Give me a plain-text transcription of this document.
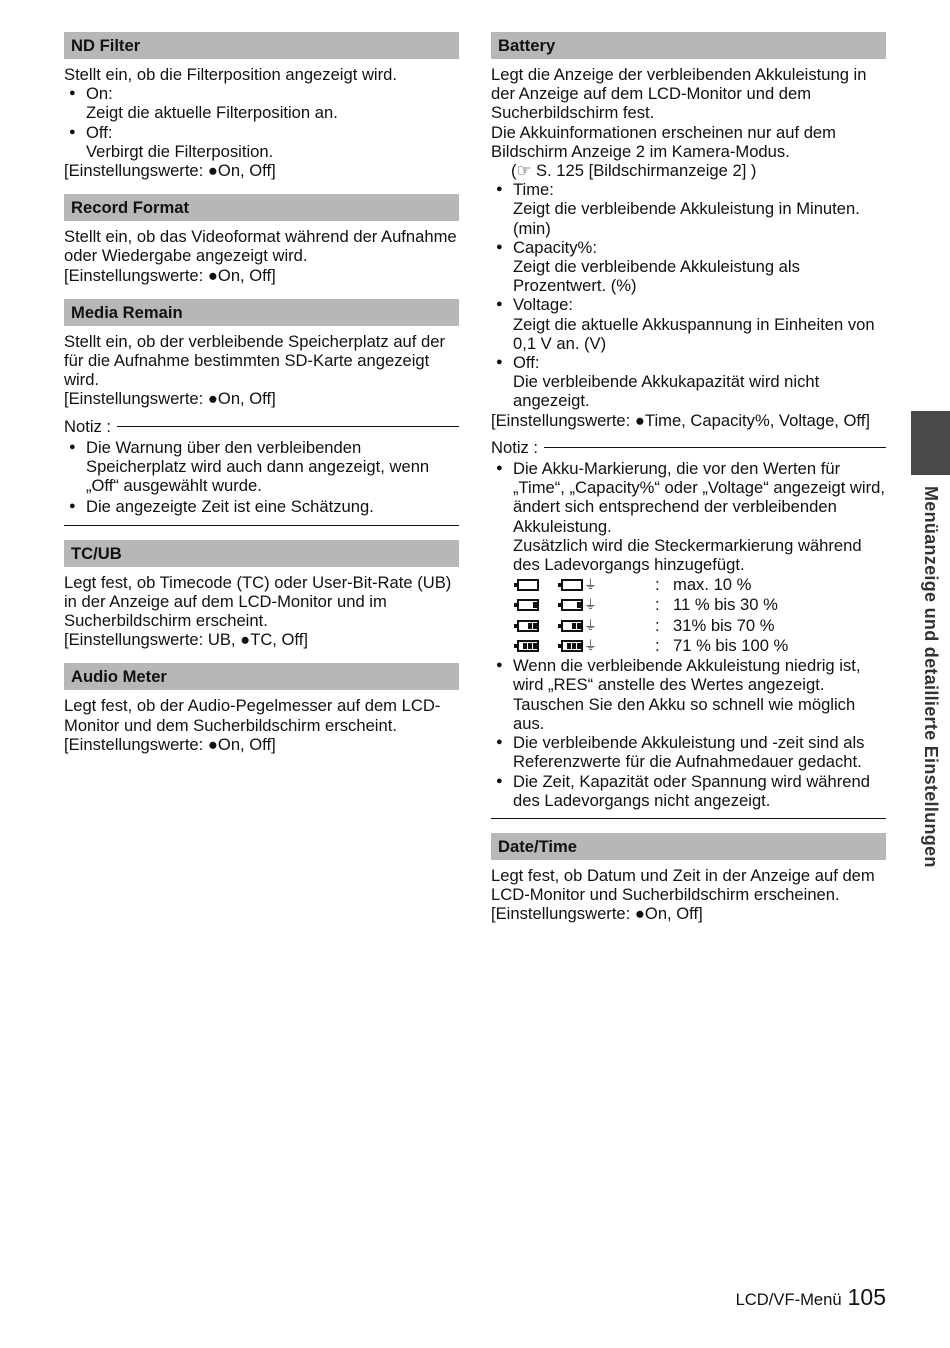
ND Filter

Stellt ein, ob die Filterposition angezeigt wird.

● On:
Zeigt die aktuelle Filterposition an.
● Off:
Verbirgt die Filterposition.
[Einstellungswerte: ●On, Off]
Record Format

Stellt ein, ob das Videoformat während der Aufnahme oder Wiedergabe angezeigt wird.

[Einstellungswerte: ●On, Off]
Media Remain

Stellt ein, ob der verbleibende Speicherplatz auf der für die Aufnahme bestimmten SD-Karte angezeigt wird.

[Einstellungswerte: ●On, Off]
Notiz :
● Die Warnung über den verbleibenden Speicherplatz wird auch dann angezeigt, wenn „Off“ ausgewählt wurde.
● Die angezeigte Zeit ist eine Schätzung.
TC/UB

Legt fest, ob Timecode (TC) oder User-Bit-Rate (UB) in der Anzeige auf dem LCD-Monitor und im Sucherbildschirm erscheint.

[Einstellungswerte: UB, ●TC, Off]
Audio Meter

Legt fest, ob der Audio-Pegelmesser auf dem LCD-Monitor und dem Sucherbildschirm erscheint.

[Einstellungswerte: ●On, Off]
Battery

Legt die Anzeige der verbleibenden Akkuleistung in der Anzeige auf dem LCD-Monitor und dem Sucherbildschirm fest.

Die Akkuinformationen erscheinen nur auf dem Bildschirm Anzeige 2 im Kamera-Modus.

(☞ S. 125 [Bildschirmanzeige 2] )
● Time:
Zeigt die verbleibende Akkuleistung in Minuten. (min)
● Capacity%:
Zeigt die verbleibende Akkuleistung als Prozentwert. (%)
● Voltage:
Zeigt die aktuelle Akkuspannung in Einheiten von 0,1 V an. (V)
● Off:
Die verbleibende Akkukapazität wird nicht angezeigt.
[Einstellungswerte: ●Time, Capacity%, Voltage, Off]
Notiz :
● Die Akku-Markierung, die vor den Werten für „Time“, „Capacity%“ oder „Voltage“ angezeigt wird, ändert sich entsprechend der verbleibenden Akkuleistung.
Zusätzlich wird die Steckermarkierung während des Ladevorgangs hinzugefügt.
⏚	: max. 10 %
⏚	: 11 % bis 30 %
⏚	: 31% bis 70 %
⏚	: 71 % bis 100 %
● Wenn die verbleibende Akkuleistung niedrig ist, wird „RES“ anstelle des Wertes angezeigt.
Tauschen Sie den Akku so schnell wie möglich aus.
● Die verbleibende Akkuleistung und -zeit sind als Referenzwerte für die Aufnahmedauer gedacht.
● Die Zeit, Kapazität oder Spannung wird während des Ladevorgangs nicht angezeigt.
Date/Time

Legt fest, ob Datum und Zeit in der Anzeige auf dem LCD-Monitor und Sucherbildschirm erscheinen.

[Einstellungswerte: ●On, Off]
Menüanzeige und detaillierte Einstellungen
LCD/VF-Menü 105
